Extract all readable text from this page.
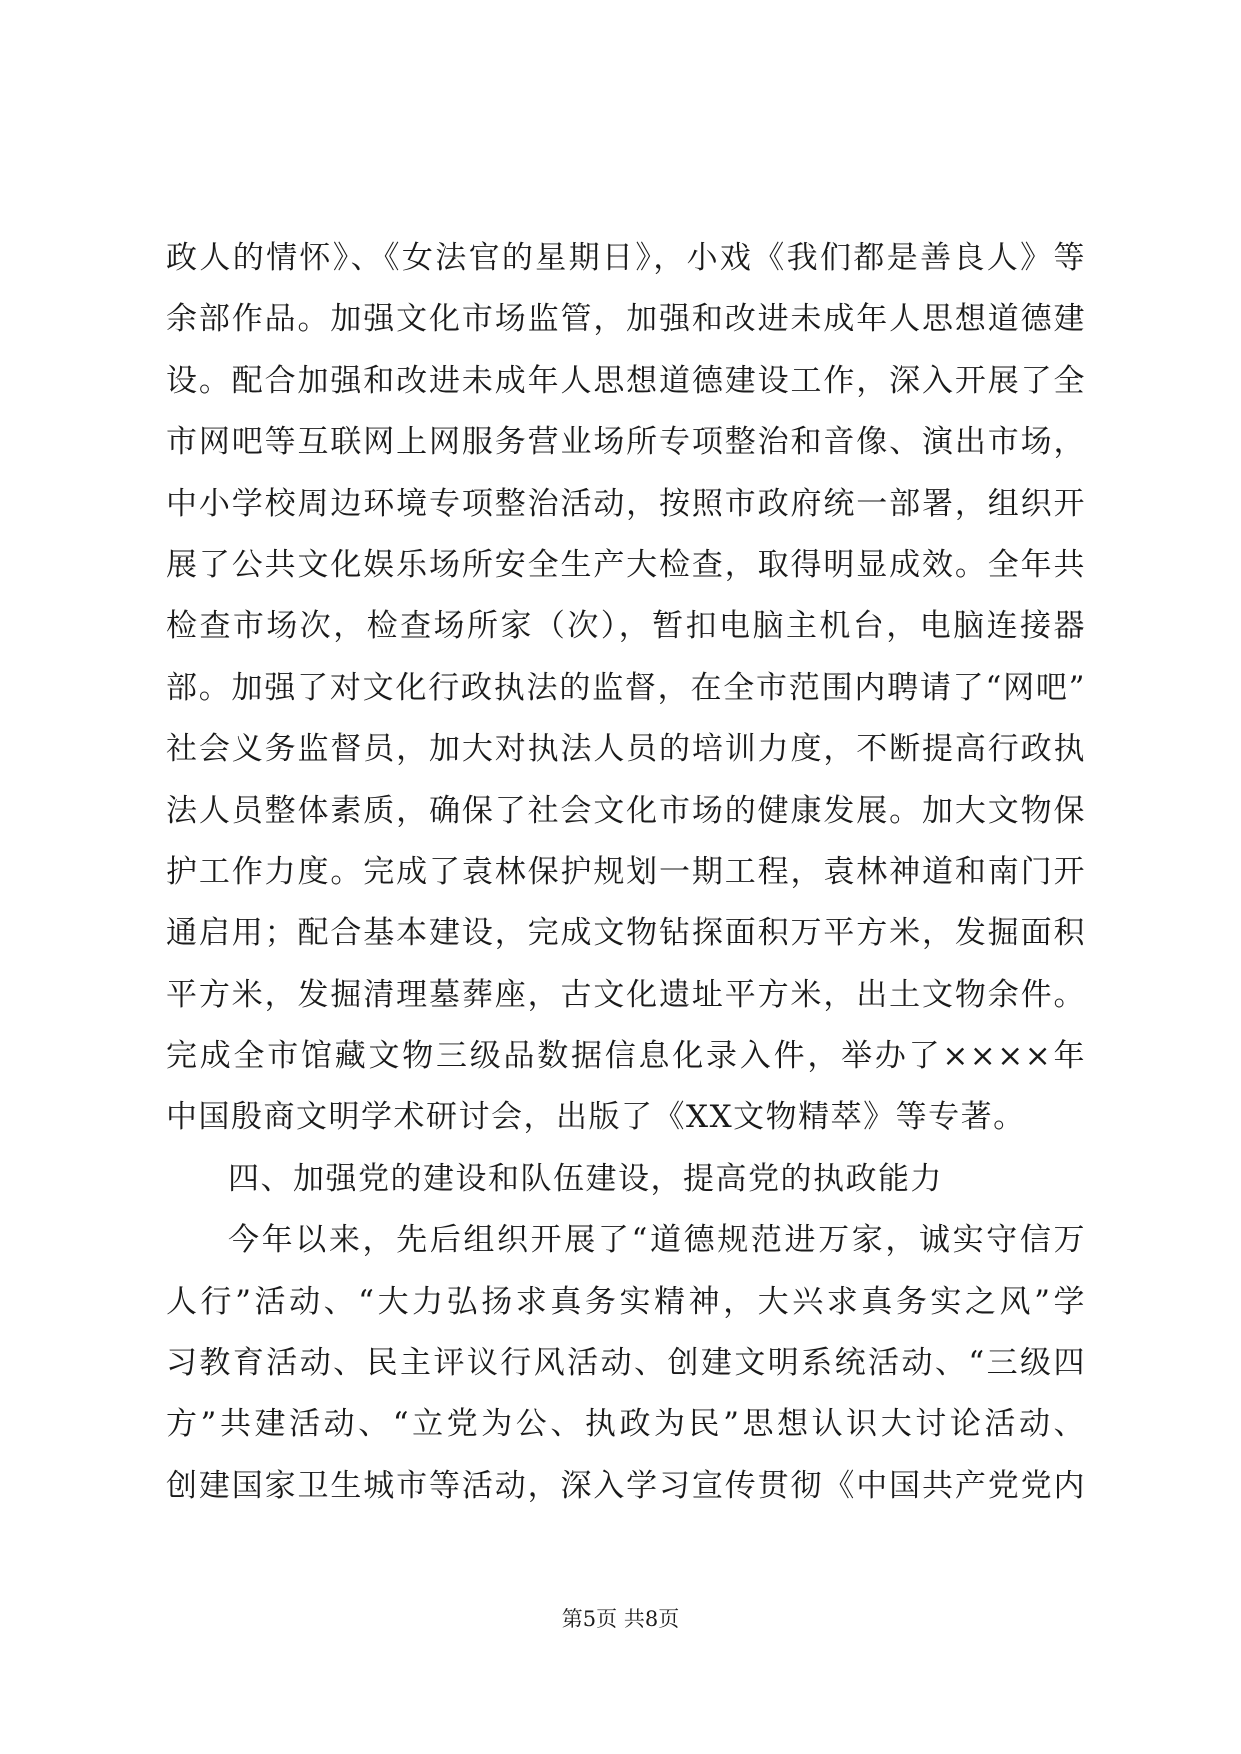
政人的情怀》、《女法官的星期日》，小戏《我们都是善良人》等
余部作品。加强文化市场监管，加强和改进未成年人思想道德建
设。配合加强和改进未成年人思想道德建设工作，深入开展了全
市网吧等互联网上网服务营业场所专项整治和音像、演出市场，
中小学校周边环境专项整治活动，按照市政府统一部署，组织开
展了公共文化娱乐场所安全生产大检查，取得明显成效。全年共
检查市场次，检查场所家（次），暂扣电脑主机台，电脑连接器
部。加强了对文化行政执法的监督，在全市范围内聘请了“网吧”
社会义务监督员，加大对执法人员的培训力度，不断提高行政执
法人员整体素质，确保了社会文化市场的健康发展。加大文物保
护工作力度。完成了袁林保护规划一期工程，袁林神道和南门开
通启用；配合基本建设，完成文物钻探面积万平方米，发掘面积
平方米，发掘清理墓葬座，古文化遗址平方米，出土文物余件。
完成全市馆藏文物三级品数据信息化录入件，举办了××××年
中国殷商文明学术研讨会，出版了《XX文物精萃》等专著。
四、加强党的建设和队伍建设，提高党的执政能力
今年以来，先后组织开展了“道德规范进万家，诚实守信万
人行”活动、“大力弘扬求真务实精神，大兴求真务实之风”学
习教育活动、民主评议行风活动、创建文明系统活动、“三级四
方”共建活动、“立党为公、执政为民”思想认识大讨论活动、
创建国家卫生城市等活动，深入学习宣传贯彻《中国共产党党内
第5页 共8页
